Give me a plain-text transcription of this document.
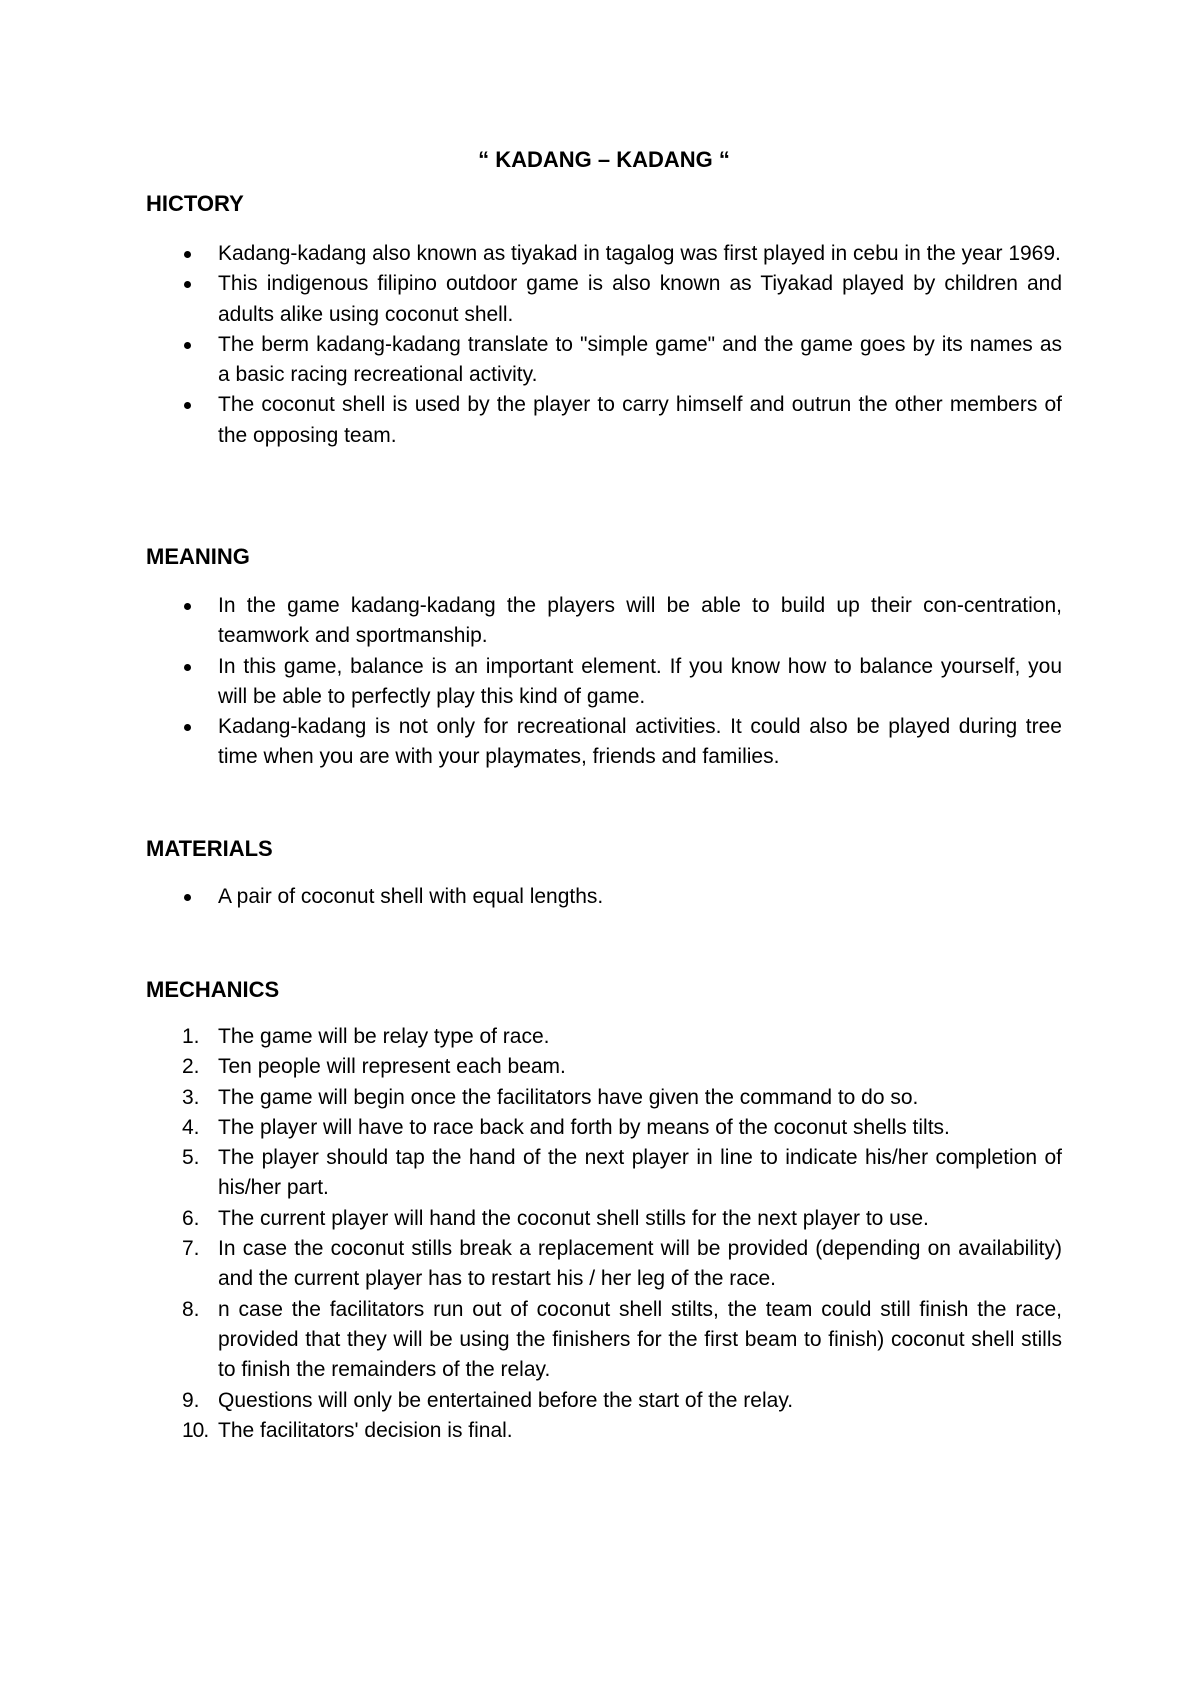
“ KADANG – KADANG “
HICTORY
Kadang-kadang also known as tiyakad in tagalog was first played in cebu in the year 1969.
This indigenous filipino outdoor game is also known as Tiyakad played by children and adults alike using coconut shell.
The berm kadang-kadang translate to "simple game" and the game goes by its names as a basic racing recreational activity.
The coconut shell is used by the player to carry himself and outrun the other members of the opposing team.
MEANING
In the game kadang-kadang the players will be able to build up their con-centration, teamwork and sportmanship.
In this game, balance is an important element. If you know how to balance yourself, you will be able to perfectly play this kind of game.
Kadang-kadang is not only for recreational activities. It could also be played during tree time when you are with your playmates, friends and families.
MATERIALS
A pair of coconut shell with equal lengths.
MECHANICS
1. The game will be relay type of race.
2. Ten people will represent each beam.
3. The game will begin once the facilitators have given the command to do so.
4. The player will have to race back and forth by means of the coconut shells tilts.
5. The player should tap the hand of the next player in line to indicate his/her completion of his/her part.
6. The current player will hand the coconut shell stills for the next player to use.
7. In case the coconut stills break a replacement will be provided (depending on availability) and the current player has to restart his / her leg of the race.
8. n case the facilitators run out of coconut shell stilts, the team could still finish the race, provided that they will be using the finishers for the first beam to finish) coconut shell stills to finish the remainders of the relay.
9. Questions will only be entertained before the start of the relay.
10. The facilitators' decision is final.
